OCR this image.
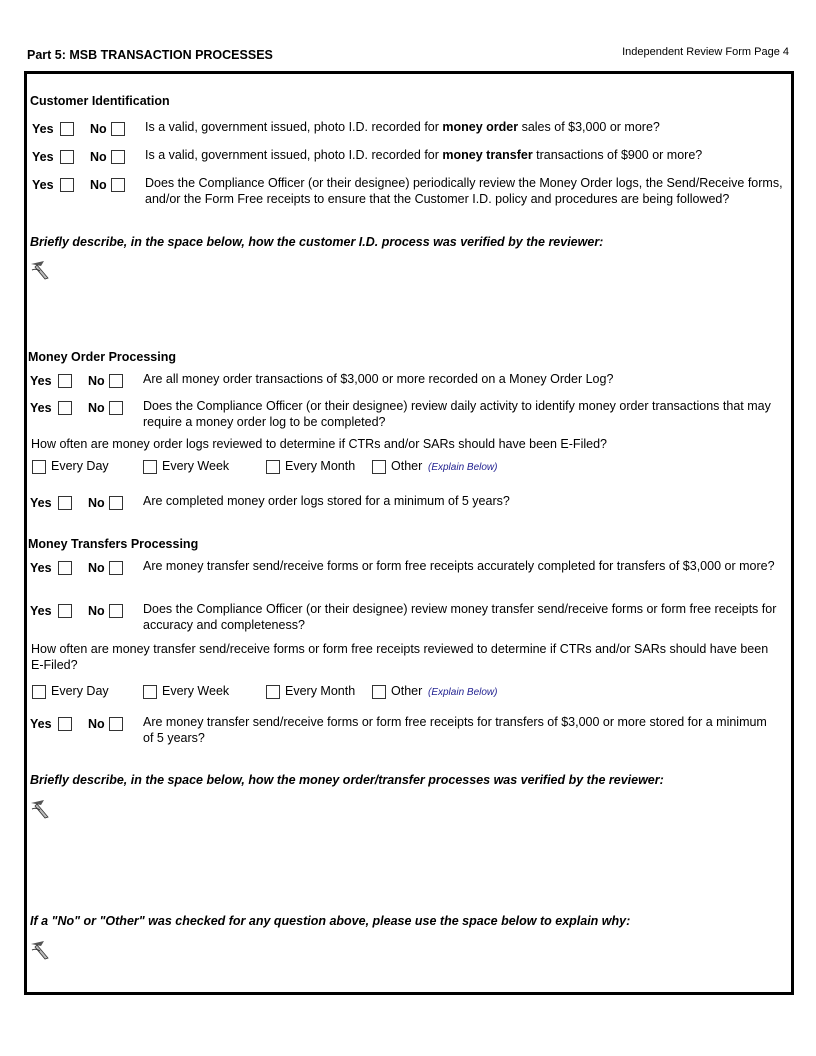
Part 5: MSB TRANSACTION PROCESSES	Independent Review Form Page 4
Customer Identification
Yes	No	Is a valid, government issued, photo I.D. recorded for money order sales of $3,000 or more?
Yes	No	Is a valid, government issued, photo I.D. recorded for money transfer transactions of $900 or more?
Yes	No	Does the Compliance Officer (or their designee) periodically review the Money Order logs, the Send/Receive forms, and/or the Form Free receipts to ensure that the Customer I.D. policy and procedures are being followed?
Briefly describe, in the space below, how the customer I.D. process was verified by the reviewer:
Money Order Processing
Yes	No	Are all money order transactions of $3,000 or more recorded on a Money Order Log?
Yes	No	Does the Compliance Officer (or their designee) review daily activity to identify money order transactions that may require a money order log to be completed?
How often are money order logs reviewed to determine if CTRs and/or SARs should have been E-Filed?
Every Day	Every Week	Every Month	Other (Explain Below)
Yes	No	Are completed money order logs stored for a minimum of 5 years?
Money Transfers Processing
Yes	No	Are money transfer send/receive forms or form free receipts accurately completed for transfers of $3,000 or more?
Yes	No	Does the Compliance Officer (or their designee) review money transfer send/receive forms or form free receipts for accuracy and completeness?
How often are money transfer send/receive forms or form free receipts reviewed to determine if CTRs and/or SARs should have been E-Filed?
Every Day	Every Week	Every Month	Other (Explain Below)
Yes	No	Are money transfer send/receive forms or form free receipts for transfers of $3,000 or more stored for a minimum of 5 years?
Briefly describe, in the space below, how the money order/transfer processes was verified by the reviewer:
If a "No" or "Other" was checked for any question above, please use the space below to explain why:
